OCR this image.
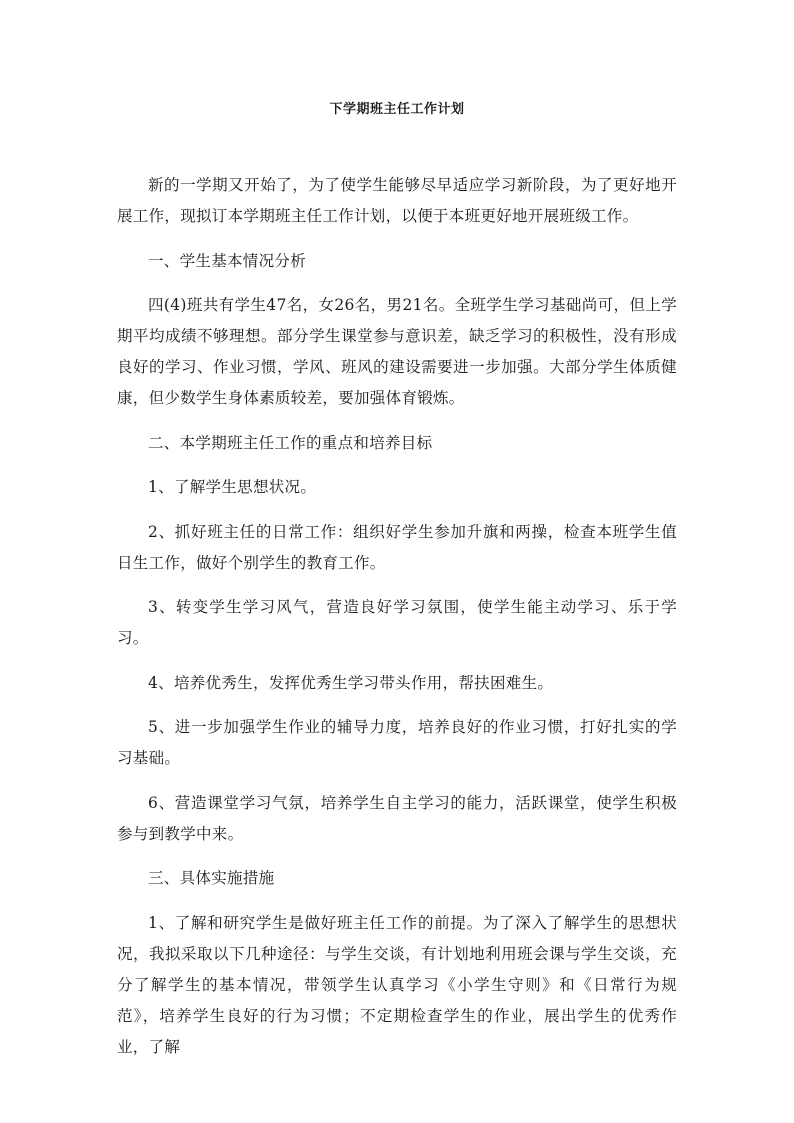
下学期班主任工作计划

新的一学期又开始了，为了使学生能够尽早适应学习新阶段，为了更好地开展工作，现拟订本学期班主任工作计划，以便于本班更好地开展班级工作。

一、学生基本情况分析

四(4)班共有学生47名，女26名，男21名。全班学生学习基础尚可，但上学期平均成绩不够理想。部分学生课堂参与意识差，缺乏学习的积极性，没有形成良好的学习、作业习惯，学风、班风的建设需要进一步加强。大部分学生体质健康，但少数学生身体素质较差，要加强体育锻炼。

二、本学期班主任工作的重点和培养目标

1、了解学生思想状况。

2、抓好班主任的日常工作：组织好学生参加升旗和两操，检查本班学生值日生工作，做好个别学生的教育工作。

3、转变学生学习风气，营造良好学习氛围，使学生能主动学习、乐于学习。

4、培养优秀生，发挥优秀生学习带头作用，帮扶困难生。

5、进一步加强学生作业的辅导力度，培养良好的作业习惯，打好扎实的学习基础。

6、营造课堂学习气氛，培养学生自主学习的能力，活跃课堂，使学生积极参与到教学中来。

三、具体实施措施

1、了解和研究学生是做好班主任工作的前提。为了深入了解学生的思想状况，我拟采取以下几种途径：与学生交谈，有计划地利用班会课与学生交谈，充分了解学生的基本情况，带领学生认真学习《小学生守则》和《日常行为规范》，培养学生良好的行为习惯；不定期检查学生的作业，展出学生的优秀作业，了解
